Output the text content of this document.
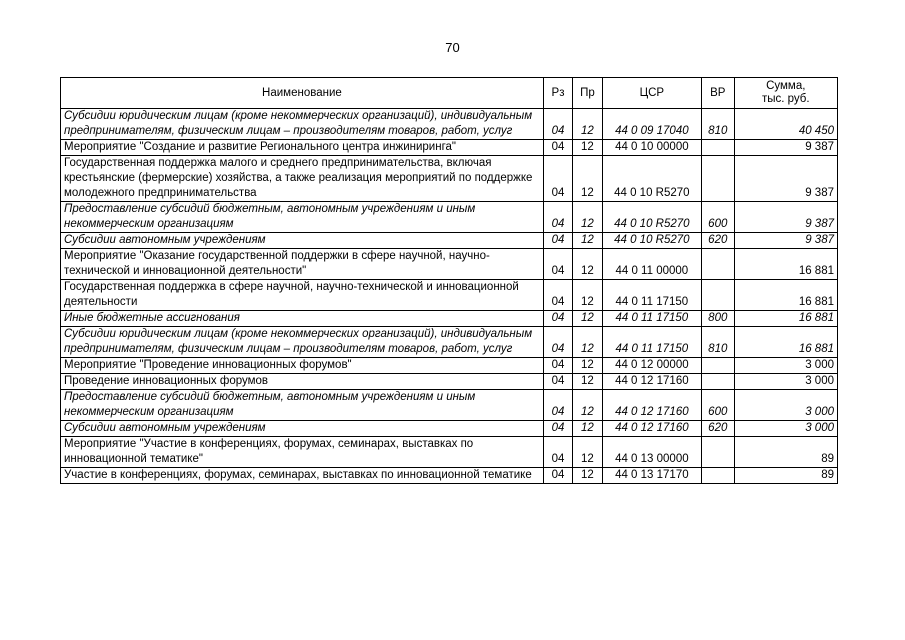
70
Наименование	Рз	Пр	ЦСР	ВР	Сумма,
тыс. руб.

Субсидии юридическим лицам (кроме некоммерческих организаций), индивидуальным предпринимателям, физическим лицам – производителям товаров, работ, услуг	04	12	44 0 09 17040	810	40 450
Мероприятие "Создание и развитие Регионального центра инжиниринга"	04	12	44 0 10 00000		9 387
Государственная поддержка малого и среднего предпринимательства, включая крестьянские (фермерские) хозяйства, а также реализация мероприятий по поддержке молодежного предпринимательства	04	12	44 0 10 R5270		9 387
Предоставление субсидий бюджетным, автономным учреждениям и иным некоммерческим организациям	04	12	44 0 10 R5270	600	9 387
Субсидии автономным учреждениям	04	12	44 0 10 R5270	620	9 387
Мероприятие "Оказание государственной поддержки в сфере научной, научно-технической и инновационной деятельности"	04	12	44 0 11 00000		16 881
Государственная поддержка в сфере научной, научно-технической и инновационной деятельности	04	12	44 0 11 17150		16 881
Иные бюджетные ассигнования	04	12	44 0 11 17150	800	16 881
Субсидии юридическим лицам (кроме некоммерческих организаций), индивидуальным предпринимателям, физическим лицам – производителям товаров, работ, услуг	04	12	44 0 11 17150	810	16 881
Мероприятие "Проведение инновационных форумов"	04	12	44 0 12 00000		3 000
Проведение инновационных форумов	04	12	44 0 12 17160		3 000
Предоставление субсидий бюджетным, автономным учреждениям и иным некоммерческим организациям	04	12	44 0 12 17160	600	3 000
Субсидии автономным учреждениям	04	12	44 0 12 17160	620	3 000
Мероприятие "Участие в конференциях, форумах, семинарах, выставках по инновационной тематике"	04	12	44 0 13 00000		89
Участие в конференциях, форумах, семинарах, выставках по инновационной тематике	04	12	44 0 13 17170		89
